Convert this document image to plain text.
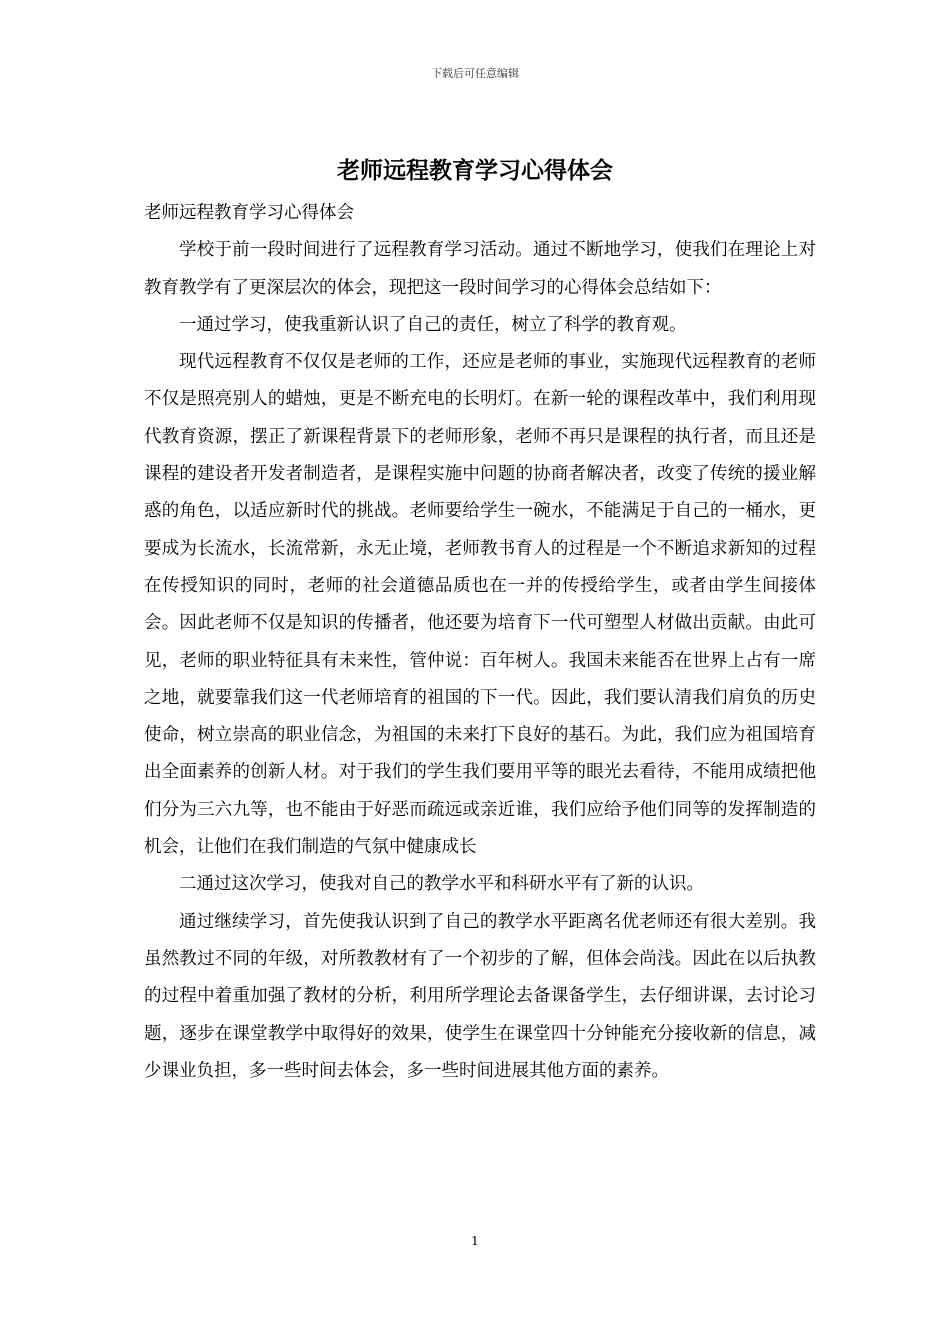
下载后可任意编辑
老师远程教育学习心得体会

老师远程教育学习心得体会

学校于前一段时间进行了远程教育学习活动。通过不断地学习，使我们在理论上对教育教学有了更深层次的体会，现把这一段时间学习的心得体会总结如下：

一通过学习，使我重新认识了自己的责任，树立了科学的教育观。

现代远程教育不仅仅是老师的工作，还应是老师的事业，实施现代远程教育的老师不仅是照亮别人的蜡烛，更是不断充电的长明灯。在新一轮的课程改革中，我们利用现代教育资源，摆正了新课程背景下的老师形象，老师不再只是课程的执行者，而且还是课程的建设者开发者制造者，是课程实施中问题的协商者解决者，改变了传统的援业解惑的角色，以适应新时代的挑战。老师要给学生一碗水，不能满足于自己的一桶水，更要成为长流水，长流常新，永无止境，老师教书育人的过程是一个不断追求新知的过程在传授知识的同时，老师的社会道德品质也在一并的传授给学生，或者由学生间接体会。因此老师不仅是知识的传播者，他还要为培育下一代可塑型人材做出贡献。由此可见，老师的职业特征具有未来性，管仲说：百年树人。我国未来能否在世界上占有一席之地，就要靠我们这一代老师培育的祖国的下一代。因此，我们要认清我们肩负的历史使命，树立崇高的职业信念，为祖国的未来打下良好的基石。为此，我们应为祖国培育出全面素养的创新人材。对于我们的学生我们要用平等的眼光去看待，不能用成绩把他们分为三六九等，也不能由于好恶而疏远或亲近谁，我们应给予他们同等的发挥制造的机会，让他们在我们制造的气氛中健康成长

二通过这次学习，使我对自己的教学水平和科研水平有了新的认识。

通过继续学习，首先使我认识到了自己的教学水平距离名优老师还有很大差别。我虽然教过不同的年级，对所教教材有了一个初步的了解，但体会尚浅。因此在以后执教的过程中着重加强了教材的分析，利用所学理论去备课备学生，去仔细讲课，去讨论习题，逐步在课堂教学中取得好的效果，使学生在课堂四十分钟能充分接收新的信息，减少课业负担，多一些时间去体会，多一些时间进展其他方面的素养。

1
